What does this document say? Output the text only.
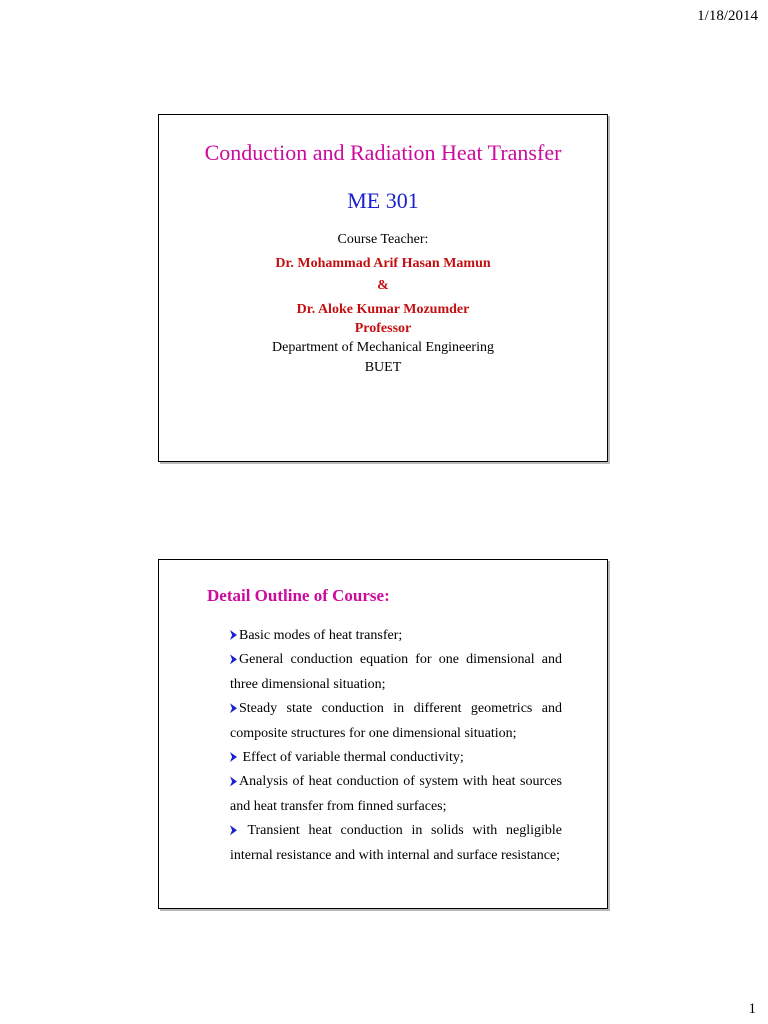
1/18/2014
Conduction and Radiation Heat Transfer
ME 301
Course Teacher:
Dr. Mohammad Arif Hasan Mamun
&
Dr. Aloke Kumar Mozumder
Professor
Department of Mechanical Engineering
BUET
Detail Outline of Course:
Basic modes of heat transfer;
General conduction equation for one dimensional and three dimensional situation;
Steady state conduction in different geometrics and composite structures for one dimensional situation;
Effect of variable thermal conductivity;
Analysis of heat conduction of system with heat sources and heat transfer from finned surfaces;
Transient heat conduction in solids with negligible internal resistance and with internal and surface resistance;
1
